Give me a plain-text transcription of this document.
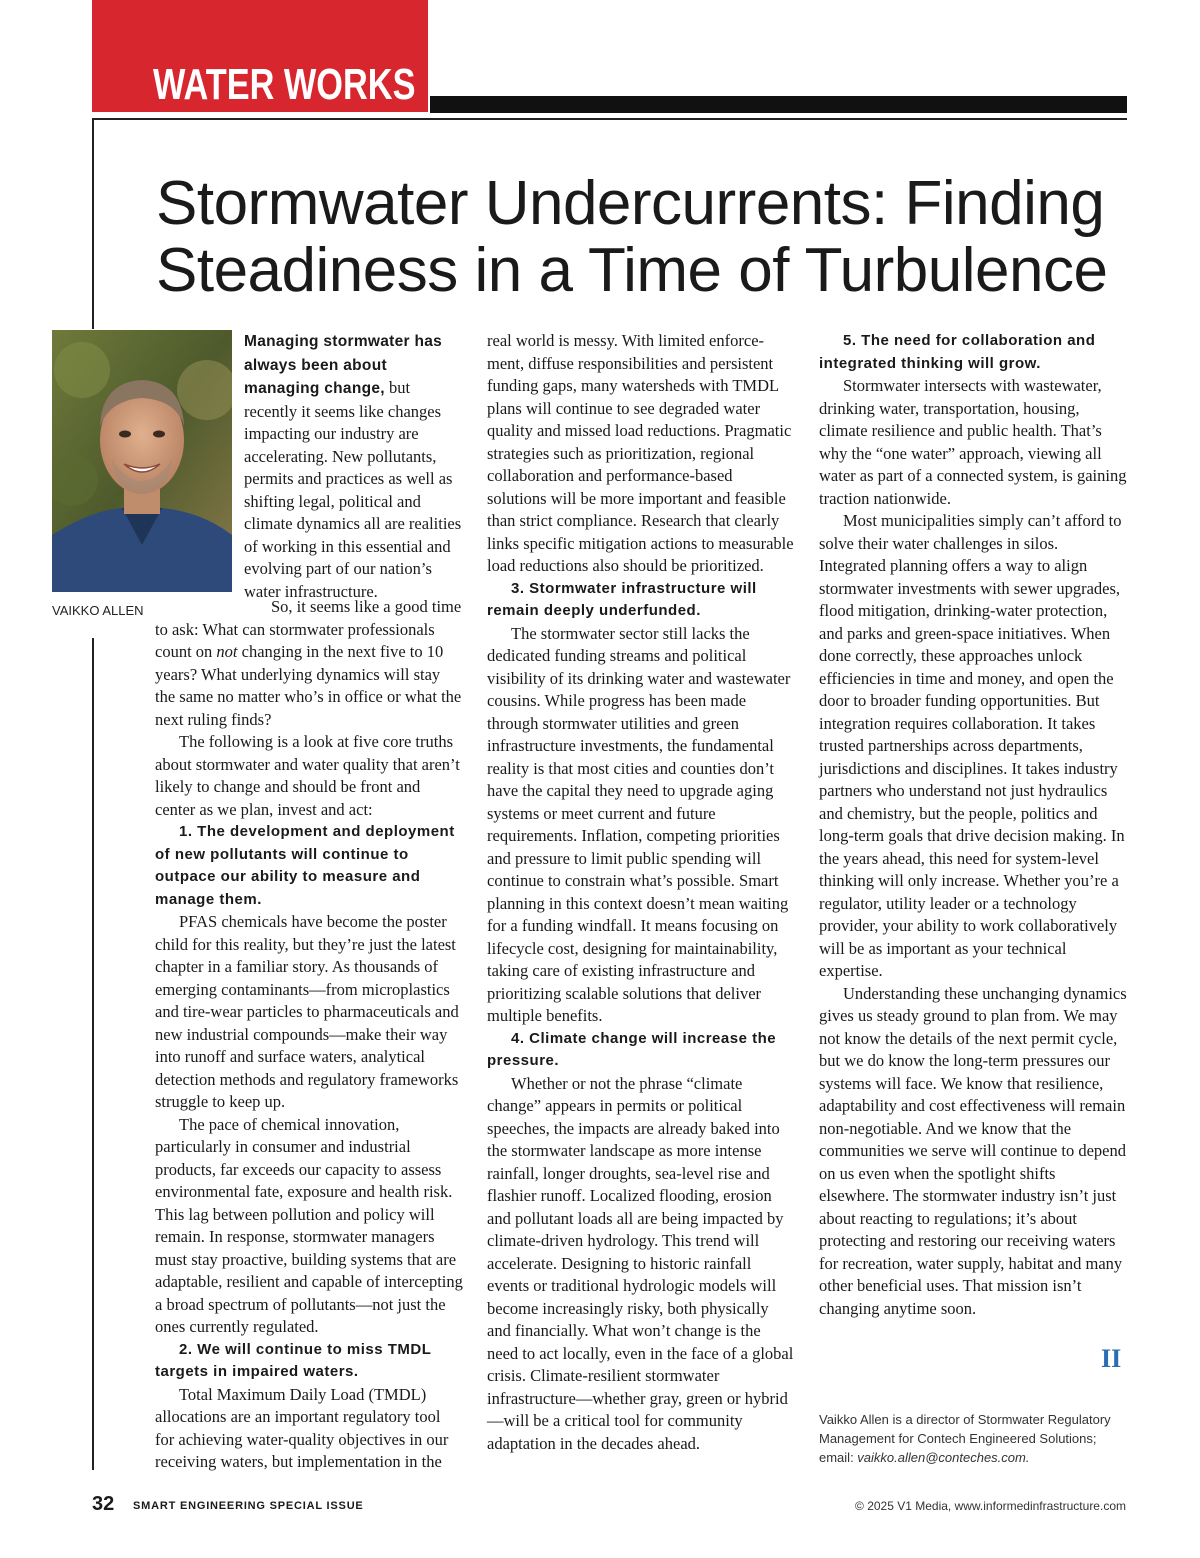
WATER WORKS
Stormwater Undercurrents: Finding Steadiness in a Time of Turbulence
VAIKKO ALLEN

Managing stormwater has always been about managing change, but recently it seems like changes impacting our industry are accelerating. New pollutants, permits and practices as well as shifting legal, political and climate dynamics all are realities of working in this essential and evolving part of our nation’s water infrastructure.

So, it seems like a good time to ask: What can stormwater professionals count on not changing in the next five to 10 years? What underlying dynamics will stay the same no matter who’s in office or what the next ruling finds?

The following is a look at five core truths about stormwater and water quality that aren’t likely to change and should be front and center as we plan, invest and act:

1. The development and deployment of new pollutants will continue to outpace our ability to measure and manage them.

PFAS chemicals have become the poster child for this reality, but they’re just the latest chapter in a familiar story. As thousands of emerging contaminants—from microplastics and tire-wear particles to pharmaceuticals and new industrial compounds—make their way into runoff and surface waters, analytical detection methods and regulatory frameworks struggle to keep up.

The pace of chemical innovation, particularly in consumer and industrial products, far exceeds our capacity to assess environmental fate, exposure and health risk. This lag between pollution and policy will remain. In response, stormwater managers must stay proactive, building systems that are adaptable, resilient and capable of intercepting a broad spectrum of pollutants—not just the ones currently regulated.

2. We will continue to miss TMDL targets in impaired waters.

Total Maximum Daily Load (TMDL) allocations are an important regulatory tool for achieving water-quality objectives in our receiving waters, but implementation in the

real world is messy. With limited enforcement, diffuse responsibilities and persistent funding gaps, many watersheds with TMDL plans will continue to see degraded water quality and missed load reductions. Pragmatic strategies such as prioritization, regional collaboration and performance-based solutions will be more important and feasible than strict compliance. Research that clearly links specific mitigation actions to measurable load reductions also should be prioritized.

3. Stormwater infrastructure will remain deeply underfunded.

The stormwater sector still lacks the dedicated funding streams and political visibility of its drinking water and wastewater cousins. While progress has been made through stormwater utilities and green infrastructure investments, the fundamental reality is that most cities and counties don’t have the capital they need to upgrade aging systems or meet current and future requirements. Inflation, competing priorities and pressure to limit public spending will continue to constrain what’s possible. Smart planning in this context doesn’t mean waiting for a funding windfall. It means focusing on lifecycle cost, designing for maintainability, taking care of existing infrastructure and prioritizing scalable solutions that deliver multiple benefits.

4. Climate change will increase the pressure.

Whether or not the phrase “climate change” appears in permits or political speeches, the impacts are already baked into the stormwater landscape as more intense rainfall, longer droughts, sea-level rise and flashier runoff. Localized flooding, erosion and pollutant loads all are being impacted by climate-driven hydrology. This trend will accelerate. Designing to historic rainfall events or traditional hydrologic models will become increasingly risky, both physically and financially. What won’t change is the need to act locally, even in the face of a global crisis. Climate-resilient stormwater infrastructure—whether gray, green or hybrid—will be a critical tool for community adaptation in the decades ahead.

5. The need for collaboration and integrated thinking will grow.

Stormwater intersects with wastewater, drinking water, transportation, housing, climate resilience and public health. That’s why the “one water” approach, viewing all water as part of a connected system, is gaining traction nationwide.

Most municipalities simply can’t afford to solve their water challenges in silos. Integrated planning offers a way to align stormwater investments with sewer upgrades, flood mitigation, drinking-water protection, and parks and green-space initiatives. When done correctly, these approaches unlock efficiencies in time and money, and open the door to broader funding opportunities. But integration requires collaboration. It takes trusted partnerships across departments, jurisdictions and disciplines. It takes industry partners who understand not just hydraulics and chemistry, but the people, politics and long-term goals that drive decision making. In the years ahead, this need for system-level thinking will only increase. Whether you’re a regulator, utility leader or a technology provider, your ability to work collaboratively will be as important as your technical expertise.

Understanding these unchanging dynamics gives us steady ground to plan from. We may not know the details of the next permit cycle, but we do know the long-term pressures our systems will face. We know that resilience, adaptability and cost effectiveness will remain non-negotiable. And we know that the communities we serve will continue to depend on us even when the spotlight shifts elsewhere. The stormwater industry isn’t just about reacting to regulations; it’s about protecting and restoring our receiving waters for recreation, water supply, habitat and many other beneficial uses. That mission isn’t changing anytime soon.

II
Vaikko Allen is a director of Stormwater Regulatory Management for Contech Engineered Solutions; email: vaikko.allen@conteches.com.
32 SMART ENGINEERING SPECIAL ISSUE	© 2025 V1 Media, www.informedinfrastructure.com
